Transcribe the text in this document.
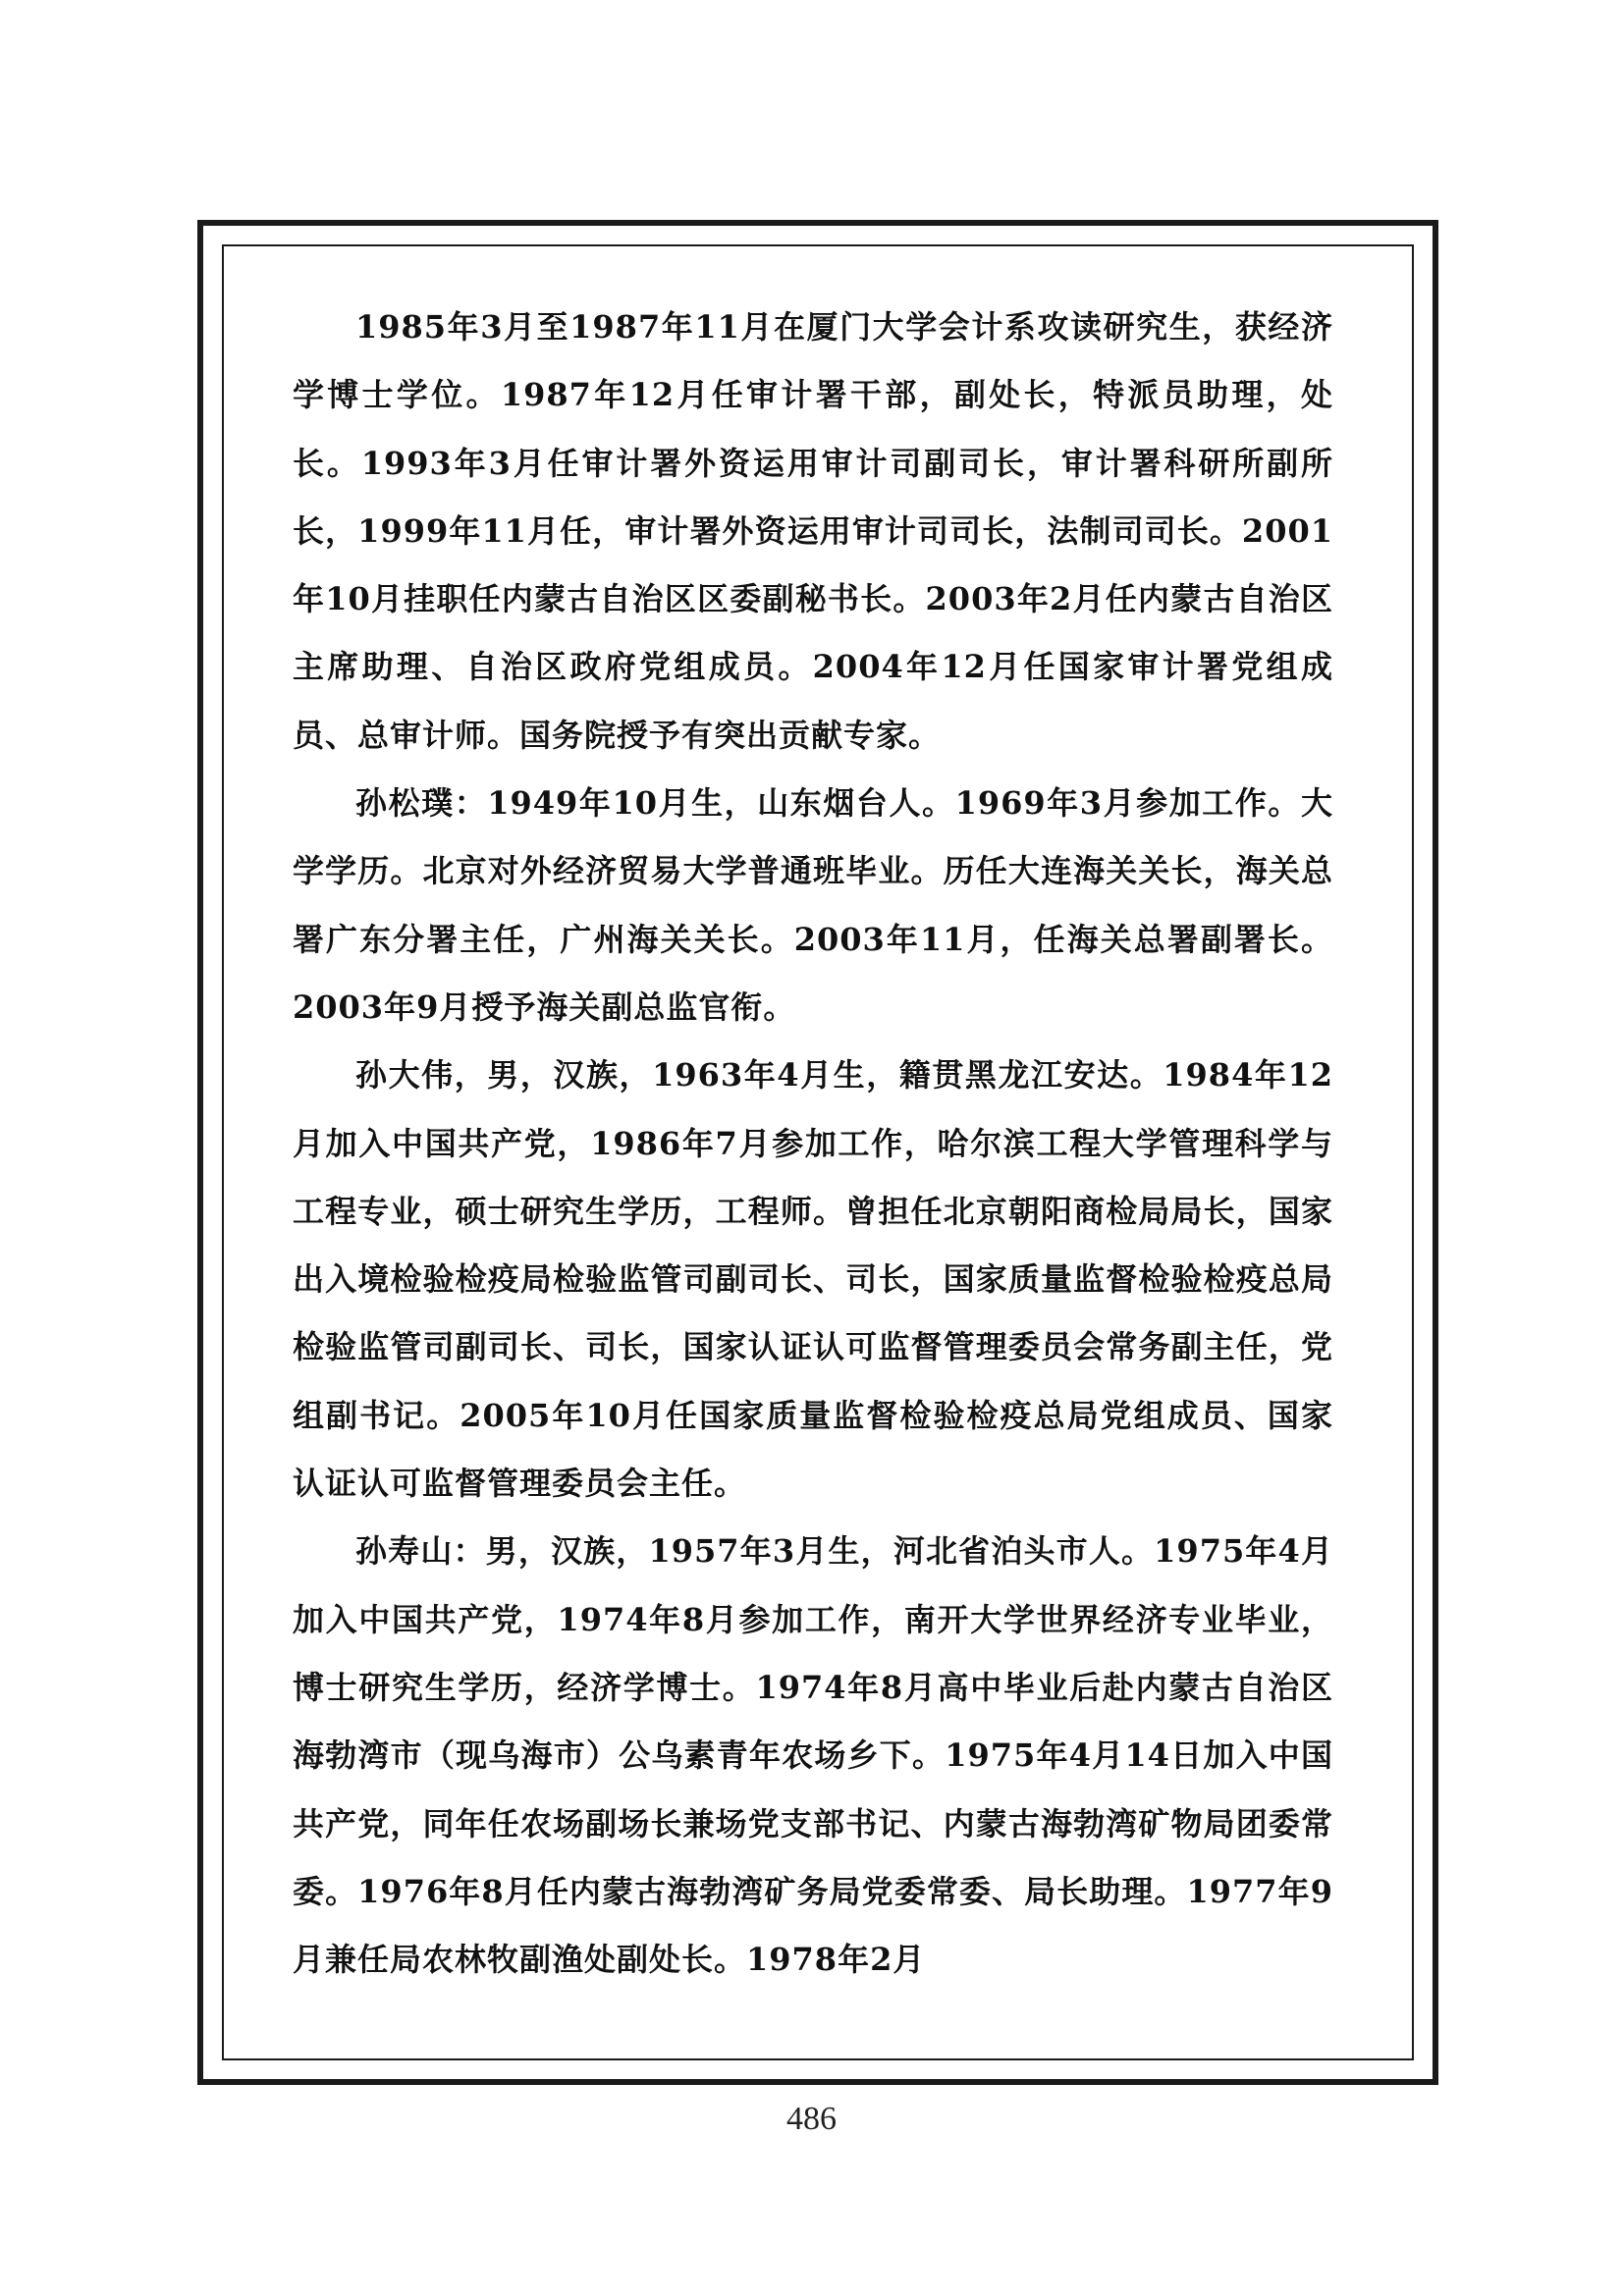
1985年3月至1987年11月在厦门大学会计系攻读研究生，获经济学博士学位。1987年12月任审计署干部，副处长，特派员助理，处长。1993年3月任审计署外资运用审计司副司长，审计署科研所副所长，1999年11月任，审计署外资运用审计司司长，法制司司长。2001年10月挂职任内蒙古自治区区委副秘书长。2003年2月任内蒙古自治区主席助理、自治区政府党组成员。2004年12月任国家审计署党组成员、总审计师。国务院授予有突出贡献专家。

孙松璞：1949年10月生，山东烟台人。1969年3月参加工作。大学学历。北京对外经济贸易大学普通班毕业。历任大连海关关长，海关总署广东分署主任，广州海关关长。2003年11月，任海关总署副署长。2003年9月授予海关副总监官衔。

孙大伟，男，汉族，1963年4月生，籍贯黑龙江安达。1984年12月加入中国共产党，1986年7月参加工作，哈尔滨工程大学管理科学与工程专业，硕士研究生学历，工程师。曾担任北京朝阳商检局局长，国家出入境检验检疫局检验监管司副司长、司长，国家质量监督检验检疫总局检验监管司副司长、司长，国家认证认可监督管理委员会常务副主任，党组副书记。2005年10月任国家质量监督检验检疫总局党组成员、国家认证认可监督管理委员会主任。

孙寿山：男，汉族，1957年3月生，河北省泊头市人。1975年4月加入中国共产党，1974年8月参加工作，南开大学世界经济专业毕业，博士研究生学历，经济学博士。1974年8月高中毕业后赴内蒙古自治区海勃湾市（现乌海市）公乌素青年农场乡下。1975年4月14日加入中国共产党，同年任农场副场长兼场党支部书记、内蒙古海勃湾矿物局团委常委。1976年8月任内蒙古海勃湾矿务局党委常委、局长助理。1977年9月兼任局农林牧副渔处副处长。1978年2月

486
